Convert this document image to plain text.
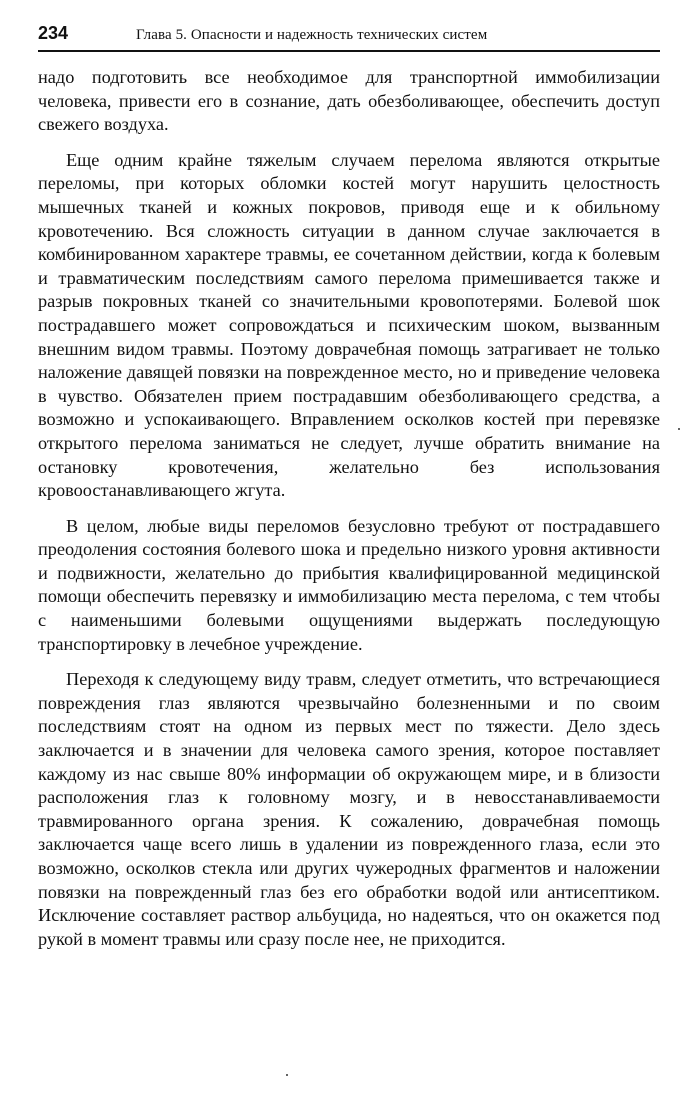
234	Глава 5. Опасности и надежность технических систем

надо подготовить все необходимое для транспортной иммобилизации человека, привести его в сознание, дать обезболивающее, обеспечить доступ свежего воздуха.

Еще одним крайне тяжелым случаем перелома являются открытые переломы, при которых обломки костей могут нарушить целостность мышечных тканей и кожных покровов, приводя еще и к обильному кровотечению. Вся сложность ситуации в данном случае заключается в комбинированном характере травмы, ее сочетанном действии, когда к болевым и травматическим последствиям самого перелома примешивается также и разрыв покровных тканей со значительными кровопотерями. Болевой шок пострадавшего может сопровождаться и психическим шоком, вызванным внешним видом травмы. Поэтому доврачебная помощь затрагивает не только наложение давящей повязки на поврежденное место, но и приведение человека в чувство. Обязателен прием пострадавшим обезболивающего средства, а возможно и успокаивающего. Вправлением осколков костей при перевязке открытого перелома заниматься не следует, лучше обратить внимание на остановку кровотечения, желательно без использования кровоостанавливающего жгута.

В целом, любые виды переломов безусловно требуют от пострадавшего преодоления состояния болевого шока и предельно низкого уровня активности и подвижности, желательно до прибытия квалифицированной медицинской помощи обеспечить перевязку и иммобилизацию места перелома, с тем чтобы с наименьшими болевыми ощущениями выдержать последующую транспортировку в лечебное учреждение.

Переходя к следующему виду травм, следует отметить, что встречающиеся повреждения глаз являются чрезвычайно болезненными и по своим последствиям стоят на одном из первых мест по тяжести. Дело здесь заключается и в значении для человека самого зрения, которое поставляет каждому из нас свыше 80% информации об окружающем мире, и в близости расположения глаз к головному мозгу, и в невосстанавливаемости травмированного органа зрения. К сожалению, доврачебная помощь заключается чаще всего лишь в удалении из поврежденного глаза, если это возможно, осколков стекла или других чужеродных фрагментов и наложении повязки на поврежденный глаз без его обработки водой или антисептиком. Исключение составляет раствор альбуцида, но надеяться, что он окажется под рукой в момент травмы или сразу после нее, не приходится.
